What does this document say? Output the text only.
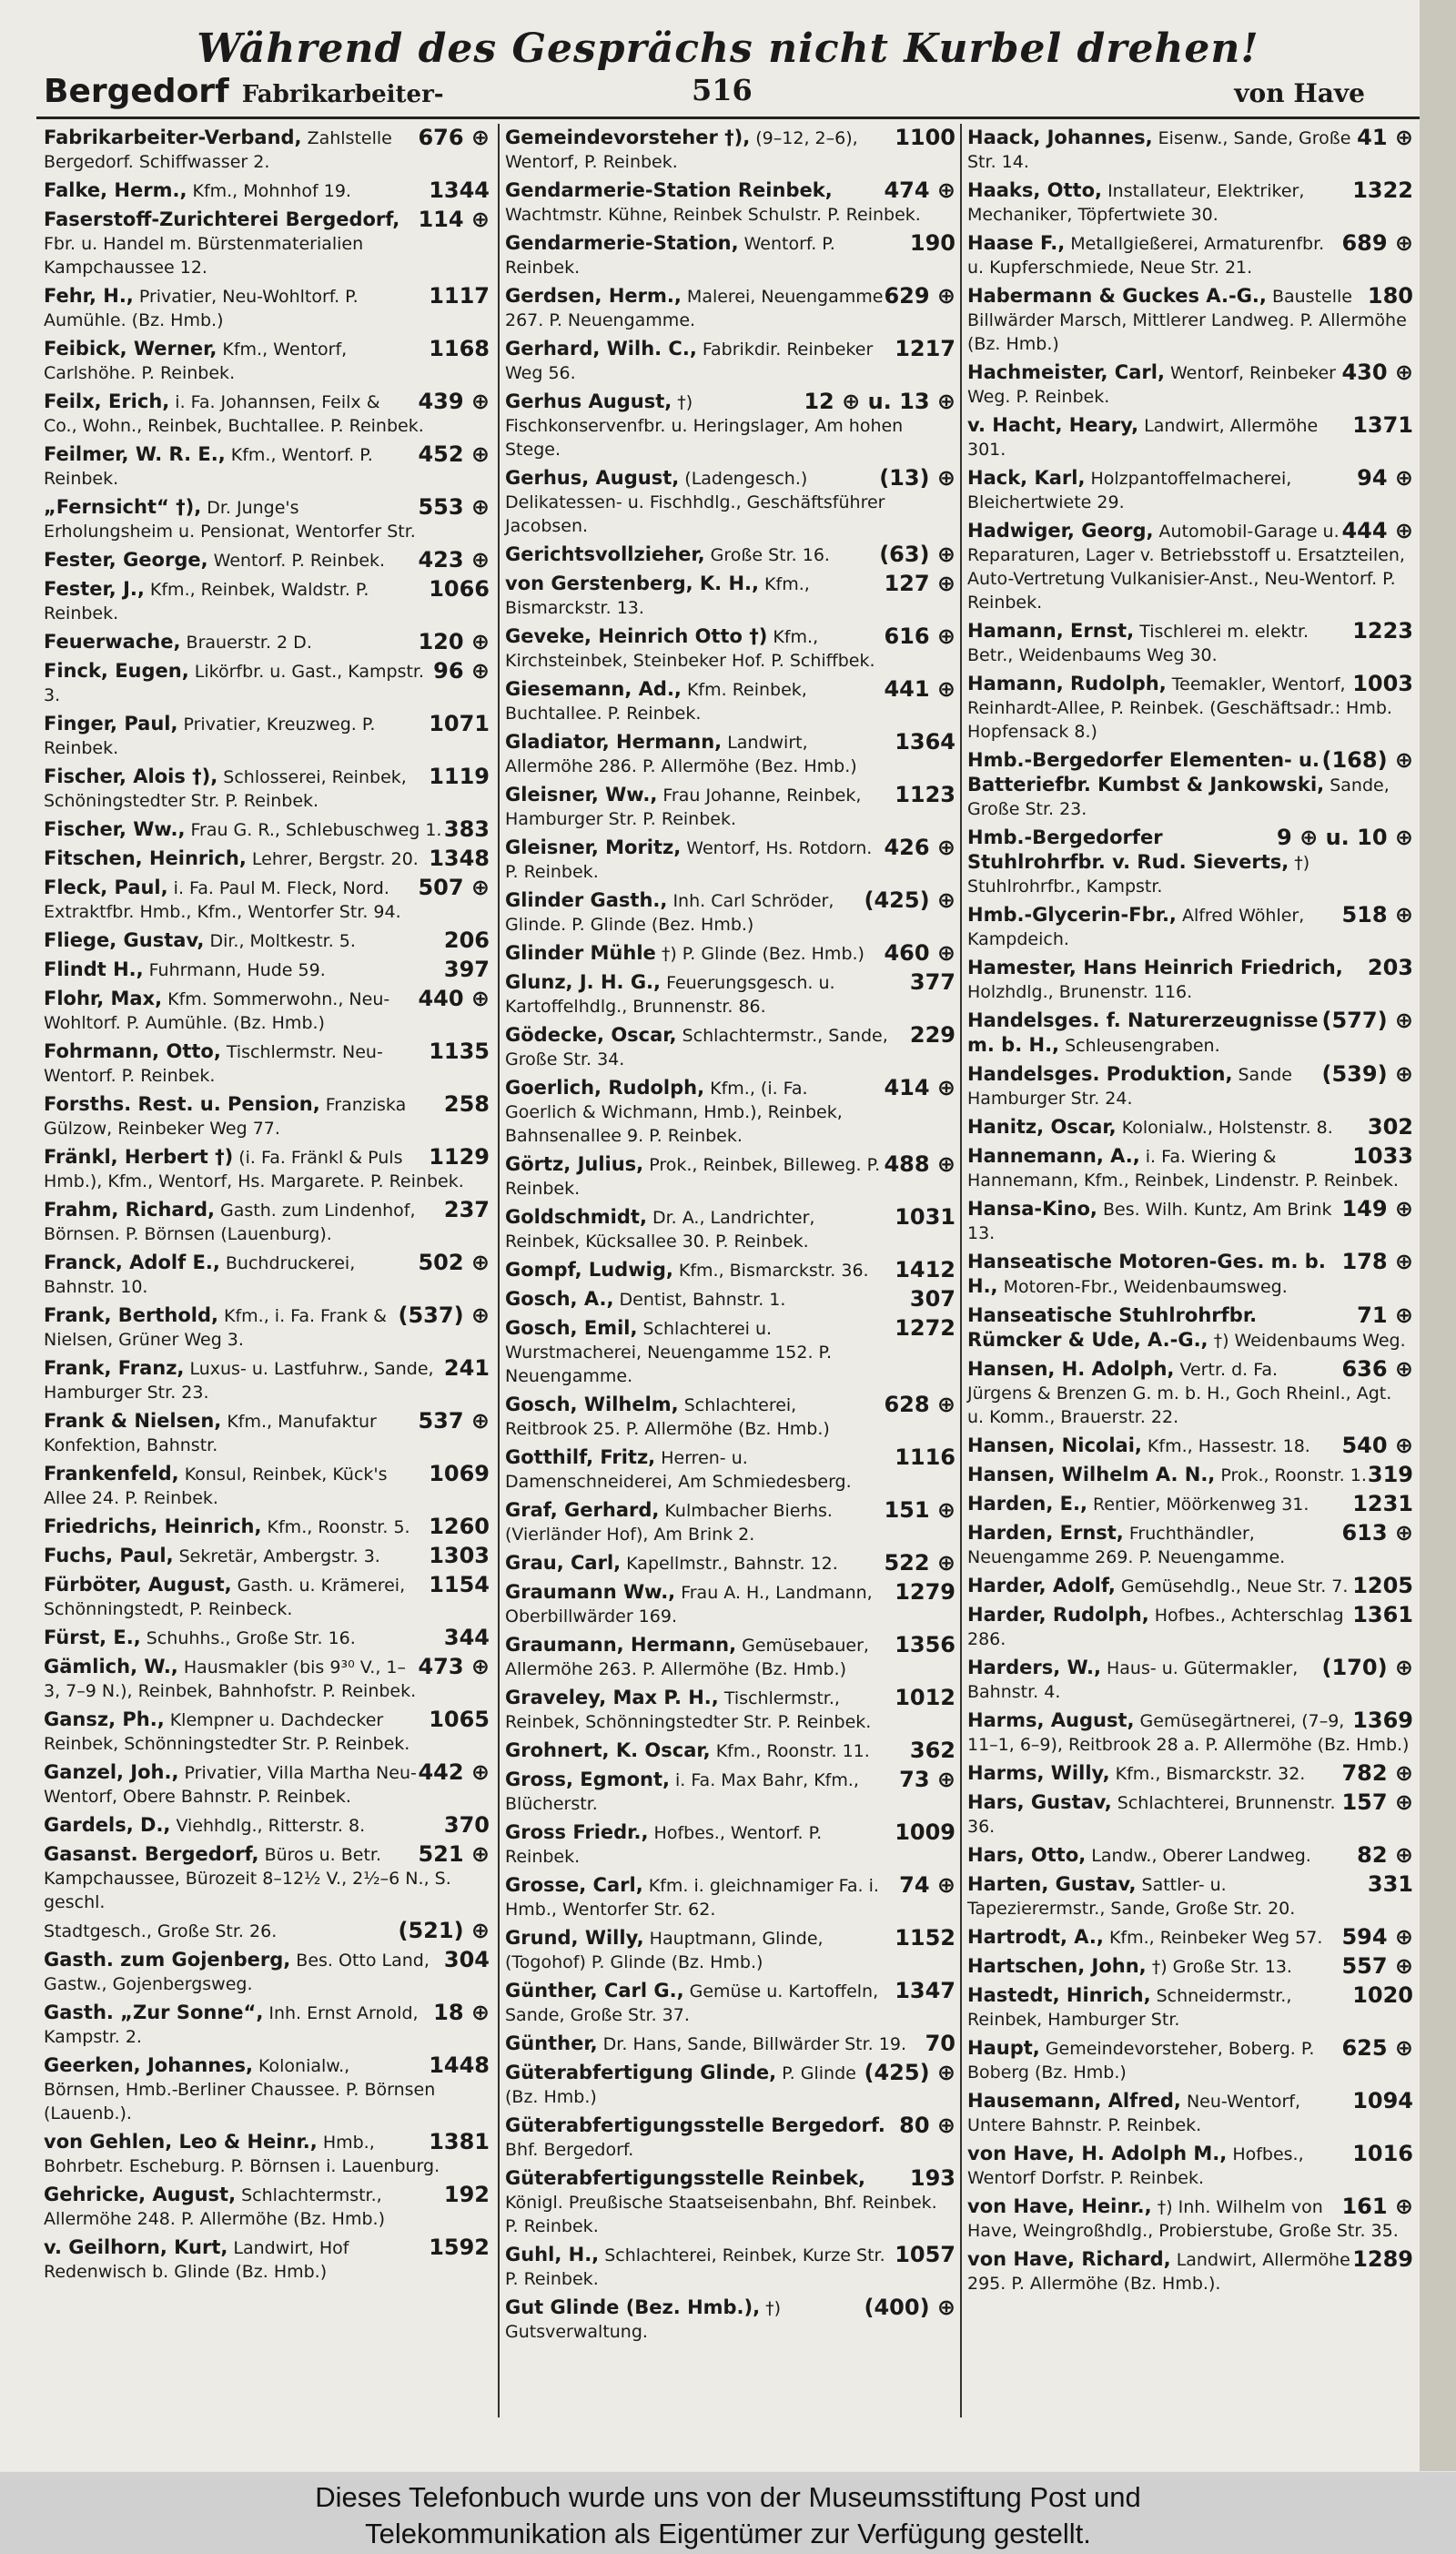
Während des Gesprächs nicht Kurbel drehen!
Bergedorf Fabrikarbeiter-	516	von Have
676 ⊕
Fabrikarbeiter-Verband, Zahlstelle Bergedorf. Schiffwasser 2.
1344
Falke, Herm., Kfm., Mohnhof 19.
114 ⊕
Faserstoff-Zurichterei Bergedorf, Fbr. u. Handel m. Bürstenmaterialien Kampchaussee 12.
1117
Fehr, H., Privatier, Neu-Wohltorf. P. Aumühle. (Bz. Hmb.)
1168
Feibick, Werner, Kfm., Wentorf, Carlshöhe. P. Reinbek.
439 ⊕
Feilx, Erich, i. Fa. Johannsen, Feilx & Co., Wohn., Reinbek, Buchtallee. P. Reinbek.
452 ⊕
Feilmer, W. R. E., Kfm., Wentorf. P. Reinbek.
553 ⊕
„Fernsicht“ †), Dr. Junge's Erholungsheim u. Pensionat, Wentorfer Str.
423 ⊕
Fester, George, Wentorf. P. Reinbek.
1066
Fester, J., Kfm., Reinbek, Waldstr. P. Reinbek.
120 ⊕
Feuerwache, Brauerstr. 2 D.
96 ⊕
Finck, Eugen, Likörfbr. u. Gast., Kampstr. 3.
1071
Finger, Paul, Privatier, Kreuzweg. P. Reinbek.
1119
Fischer, Alois †), Schlosserei, Reinbek, Schöningstedter Str. P. Reinbek.
383
Fischer, Ww., Frau G. R., Schlebuschweg 1.
1348
Fitschen, Heinrich, Lehrer, Bergstr. 20.
507 ⊕
Fleck, Paul, i. Fa. Paul M. Fleck, Nord. Extraktfbr. Hmb., Kfm., Wentorfer Str. 94.
206
Fliege, Gustav, Dir., Moltkestr. 5.
397
Flindt H., Fuhrmann, Hude 59.
440 ⊕
Flohr, Max, Kfm. Sommerwohn., Neu-Wohltorf. P. Aumühle. (Bz. Hmb.)
1135
Fohrmann, Otto, Tischlermstr. Neu-Wentorf. P. Reinbek.
258
Forsths. Rest. u. Pension, Franziska Gülzow, Reinbeker Weg 77.
1129
Fränkl, Herbert †) (i. Fa. Fränkl & Puls Hmb.), Kfm., Wentorf, Hs. Margarete. P. Reinbek.
237
Frahm, Richard, Gasth. zum Lindenhof, Börnsen. P. Börnsen (Lauenburg).
502 ⊕
Franck, Adolf E., Buchdruckerei, Bahnstr. 10.
(537) ⊕
Frank, Berthold, Kfm., i. Fa. Frank & Nielsen, Grüner Weg 3.
241
Frank, Franz, Luxus- u. Lastfuhrw., Sande, Hamburger Str. 23.
537 ⊕
Frank & Nielsen, Kfm., Manufaktur Konfektion, Bahnstr.
1069
Frankenfeld, Konsul, Reinbek, Kück's Allee 24. P. Reinbek.
1260
Friedrichs, Heinrich, Kfm., Roonstr. 5.
1303
Fuchs, Paul, Sekretär, Ambergstr. 3.
1154
Fürböter, August, Gasth. u. Krämerei, Schönningstedt, P. Reinbeck.
344
Fürst, E., Schuhhs., Große Str. 16.
473 ⊕
Gämlich, W., Hausmakler (bis 9³⁰ V., 1–3, 7–9 N.), Reinbek, Bahnhofstr. P. Reinbek.
1065
Gansz, Ph., Klempner u. Dachdecker Reinbek, Schönningstedter Str. P. Reinbek.
442 ⊕
Ganzel, Joh., Privatier, Villa Martha Neu-Wentorf, Obere Bahnstr. P. Reinbek.
370
Gardels, D., Viehhdlg., Ritterstr. 8.
521 ⊕
Gasanst. Bergedorf, Büros u. Betr. Kampchaussee, Bürozeit 8–12½ V., 2½–6 N., S. geschl.
(521) ⊕
Stadtgesch., Große Str. 26.
304
Gasth. zum Gojenberg, Bes. Otto Land, Gastw., Gojenbergsweg.
18 ⊕
Gasth. „Zur Sonne“, Inh. Ernst Arnold, Kampstr. 2.
1448
Geerken, Johannes, Kolonialw., Börnsen, Hmb.-Berliner Chaussee. P. Börnsen (Lauenb.).
1381
von Gehlen, Leo & Heinr., Hmb., Bohrbetr. Escheburg. P. Börnsen i. Lauenburg.
192
Gehricke, August, Schlachtermstr., Allermöhe 248. P. Allermöhe (Bz. Hmb.)
1592
v. Geilhorn, Kurt, Landwirt, Hof Redenwisch b. Glinde (Bz. Hmb.)
1100
Gemeindevorsteher †), (9–12, 2–6), Wentorf, P. Reinbek.
474 ⊕
Gendarmerie-Station Reinbek, Wachtmstr. Kühne, Reinbek Schulstr. P. Reinbek.
190
Gendarmerie-Station, Wentorf. P. Reinbek.
629 ⊕
Gerdsen, Herm., Malerei, Neuengamme 267. P. Neuengamme.
1217
Gerhard, Wilh. C., Fabrikdir. Reinbeker Weg 56.
12 ⊕ u. 13 ⊕
Gerhus August, †) Fischkonservenfbr. u. Heringslager, Am hohen Stege.
(13) ⊕
Gerhus, August, (Ladengesch.) Delikatessen- u. Fischhdlg., Geschäftsführer Jacobsen.
(63) ⊕
Gerichtsvollzieher, Große Str. 16.
127 ⊕
von Gerstenberg, K. H., Kfm., Bismarckstr. 13.
616 ⊕
Geveke, Heinrich Otto †) Kfm., Kirchsteinbek, Steinbeker Hof. P. Schiffbek.
441 ⊕
Giesemann, Ad., Kfm. Reinbek, Buchtallee. P. Reinbek.
1364
Gladiator, Hermann, Landwirt, Allermöhe 286. P. Allermöhe (Bez. Hmb.)
1123
Gleisner, Ww., Frau Johanne, Reinbek, Hamburger Str. P. Reinbek.
426 ⊕
Gleisner, Moritz, Wentorf, Hs. Rotdorn. P. Reinbek.
(425) ⊕
Glinder Gasth., Inh. Carl Schröder, Glinde. P. Glinde (Bez. Hmb.)
460 ⊕
Glinder Mühle †) P. Glinde (Bez. Hmb.)
377
Glunz, J. H. G., Feuerungsgesch. u. Kartoffelhdlg., Brunnenstr. 86.
229
Gödecke, Oscar, Schlachtermstr., Sande, Große Str. 34.
414 ⊕
Goerlich, Rudolph, Kfm., (i. Fa. Goerlich & Wichmann, Hmb.), Reinbek, Bahnsenallee 9. P. Reinbek.
488 ⊕
Görtz, Julius, Prok., Reinbek, Billeweg. P. Reinbek.
1031
Goldschmidt, Dr. A., Landrichter, Reinbek, Kücksallee 30. P. Reinbek.
1412
Gompf, Ludwig, Kfm., Bismarckstr. 36.
307
Gosch, A., Dentist, Bahnstr. 1.
1272
Gosch, Emil, Schlachterei u. Wurstmacherei, Neuengamme 152. P. Neuengamme.
628 ⊕
Gosch, Wilhelm, Schlachterei, Reitbrook 25. P. Allermöhe (Bz. Hmb.)
1116
Gotthilf, Fritz, Herren- u. Damenschneiderei, Am Schmiedesberg.
151 ⊕
Graf, Gerhard, Kulmbacher Bierhs. (Vierländer Hof), Am Brink 2.
522 ⊕
Grau, Carl, Kapellmstr., Bahnstr. 12.
1279
Graumann Ww., Frau A. H., Landmann, Oberbillwärder 169.
1356
Graumann, Hermann, Gemüsebauer, Allermöhe 263. P. Allermöhe (Bz. Hmb.)
1012
Graveley, Max P. H., Tischlermstr., Reinbek, Schönningstedter Str. P. Reinbek.
362
Grohnert, K. Oscar, Kfm., Roonstr. 11.
73 ⊕
Gross, Egmont, i. Fa. Max Bahr, Kfm., Blücherstr.
1009
Gross Friedr., Hofbes., Wentorf. P. Reinbek.
74 ⊕
Grosse, Carl, Kfm. i. gleichnamiger Fa. i. Hmb., Wentorfer Str. 62.
1152
Grund, Willy, Hauptmann, Glinde, (Togohof) P. Glinde (Bz. Hmb.)
1347
Günther, Carl G., Gemüse u. Kartoffeln, Sande, Große Str. 37.
70
Günther, Dr. Hans, Sande, Billwärder Str. 19.
(425) ⊕
Güterabfertigung Glinde, P. Glinde (Bz. Hmb.)
80 ⊕
Güterabfertigungsstelle Bergedorf. Bhf. Bergedorf.
193
Güterabfertigungsstelle Reinbek, Königl. Preußische Staatseisenbahn, Bhf. Reinbek. P. Reinbek.
1057
Guhl, H., Schlachterei, Reinbek, Kurze Str. P. Reinbek.
(400) ⊕
Gut Glinde (Bez. Hmb.), †) Gutsverwaltung.
41 ⊕
Haack, Johannes, Eisenw., Sande, Große Str. 14.
1322
Haaks, Otto, Installateur, Elektriker, Mechaniker, Töpfertwiete 30.
689 ⊕
Haase F., Metallgießerei, Armaturenfbr. u. Kupferschmiede, Neue Str. 21.
180
Habermann & Guckes A.-G., Baustelle Billwärder Marsch, Mittlerer Landweg. P. Allermöhe (Bz. Hmb.)
430 ⊕
Hachmeister, Carl, Wentorf, Reinbeker Weg. P. Reinbek.
1371
v. Hacht, Heary, Landwirt, Allermöhe 301.
94 ⊕
Hack, Karl, Holzpantoffelmacherei, Bleichertwiete 29.
444 ⊕
Hadwiger, Georg, Automobil-Garage u. Reparaturen, Lager v. Betriebsstoff u. Ersatzteilen, Auto-Vertretung Vulkanisier-Anst., Neu-Wentorf. P. Reinbek.
1223
Hamann, Ernst, Tischlerei m. elektr. Betr., Weidenbaums Weg 30.
1003
Hamann, Rudolph, Teemakler, Wentorf, Reinhardt-Allee, P. Reinbek. (Geschäftsadr.: Hmb. Hopfensack 8.)
(168) ⊕
Hmb.-Bergedorfer Elementen- u. Batteriefbr. Kumbst & Jankowski, Sande, Große Str. 23.
9 ⊕ u. 10 ⊕
Hmb.-Bergedorfer Stuhlrohrfbr. v. Rud. Sieverts, †) Stuhlrohrfbr., Kampstr.
518 ⊕
Hmb.-Glycerin-Fbr., Alfred Wöhler, Kampdeich.
203
Hamester, Hans Heinrich Friedrich, Holzhdlg., Brunenstr. 116.
(577) ⊕
Handelsges. f. Naturerzeugnisse m. b. H., Schleusengraben.
(539) ⊕
Handelsges. Produktion, Sande Hamburger Str. 24.
302
Hanitz, Oscar, Kolonialw., Holstenstr. 8.
1033
Hannemann, A., i. Fa. Wiering & Hannemann, Kfm., Reinbek, Lindenstr. P. Reinbek.
149 ⊕
Hansa-Kino, Bes. Wilh. Kuntz, Am Brink 13.
178 ⊕
Hanseatische Motoren-Ges. m. b. H., Motoren-Fbr., Weidenbaumsweg.
71 ⊕
Hanseatische Stuhlrohrfbr. Rümcker & Ude, A.-G., †) Weidenbaums Weg.
636 ⊕
Hansen, H. Adolph, Vertr. d. Fa. Jürgens & Brenzen G. m. b. H., Goch Rheinl., Agt. u. Komm., Brauerstr. 22.
540 ⊕
Hansen, Nicolai, Kfm., Hassestr. 18.
319
Hansen, Wilhelm A. N., Prok., Roonstr. 1.
1231
Harden, E., Rentier, Möörkenweg 31.
613 ⊕
Harden, Ernst, Fruchthändler, Neuengamme 269. P. Neuengamme.
1205
Harder, Adolf, Gemüsehdlg., Neue Str. 7.
1361
Harder, Rudolph, Hofbes., Achterschlag 286.
(170) ⊕
Harders, W., Haus- u. Gütermakler, Bahnstr. 4.
1369
Harms, August, Gemüsegärtnerei, (7–9, 11–1, 6–9), Reitbrook 28 a. P. Allermöhe (Bz. Hmb.)
782 ⊕
Harms, Willy, Kfm., Bismarckstr. 32.
157 ⊕
Hars, Gustav, Schlachterei, Brunnenstr. 36.
82 ⊕
Hars, Otto, Landw., Oberer Landweg.
331
Harten, Gustav, Sattler- u. Tapezierermstr., Sande, Große Str. 20.
594 ⊕
Hartrodt, A., Kfm., Reinbeker Weg 57.
557 ⊕
Hartschen, John, †) Große Str. 13.
1020
Hastedt, Hinrich, Schneidermstr., Reinbek, Hamburger Str.
625 ⊕
Haupt, Gemeindevorsteher, Boberg. P. Boberg (Bz. Hmb.)
1094
Hausemann, Alfred, Neu-Wentorf, Untere Bahnstr. P. Reinbek.
1016
von Have, H. Adolph M., Hofbes., Wentorf Dorfstr. P. Reinbek.
161 ⊕
von Have, Heinr., †) Inh. Wilhelm von Have, Weingroßhdlg., Probierstube, Große Str. 35.
1289
von Have, Richard, Landwirt, Allermöhe 295. P. Allermöhe (Bz. Hmb.).

Dieses Telefonbuch wurde uns von der Museumsstiftung Post und

Telekommunikation als Eigentümer zur Verfügung gestellt.
